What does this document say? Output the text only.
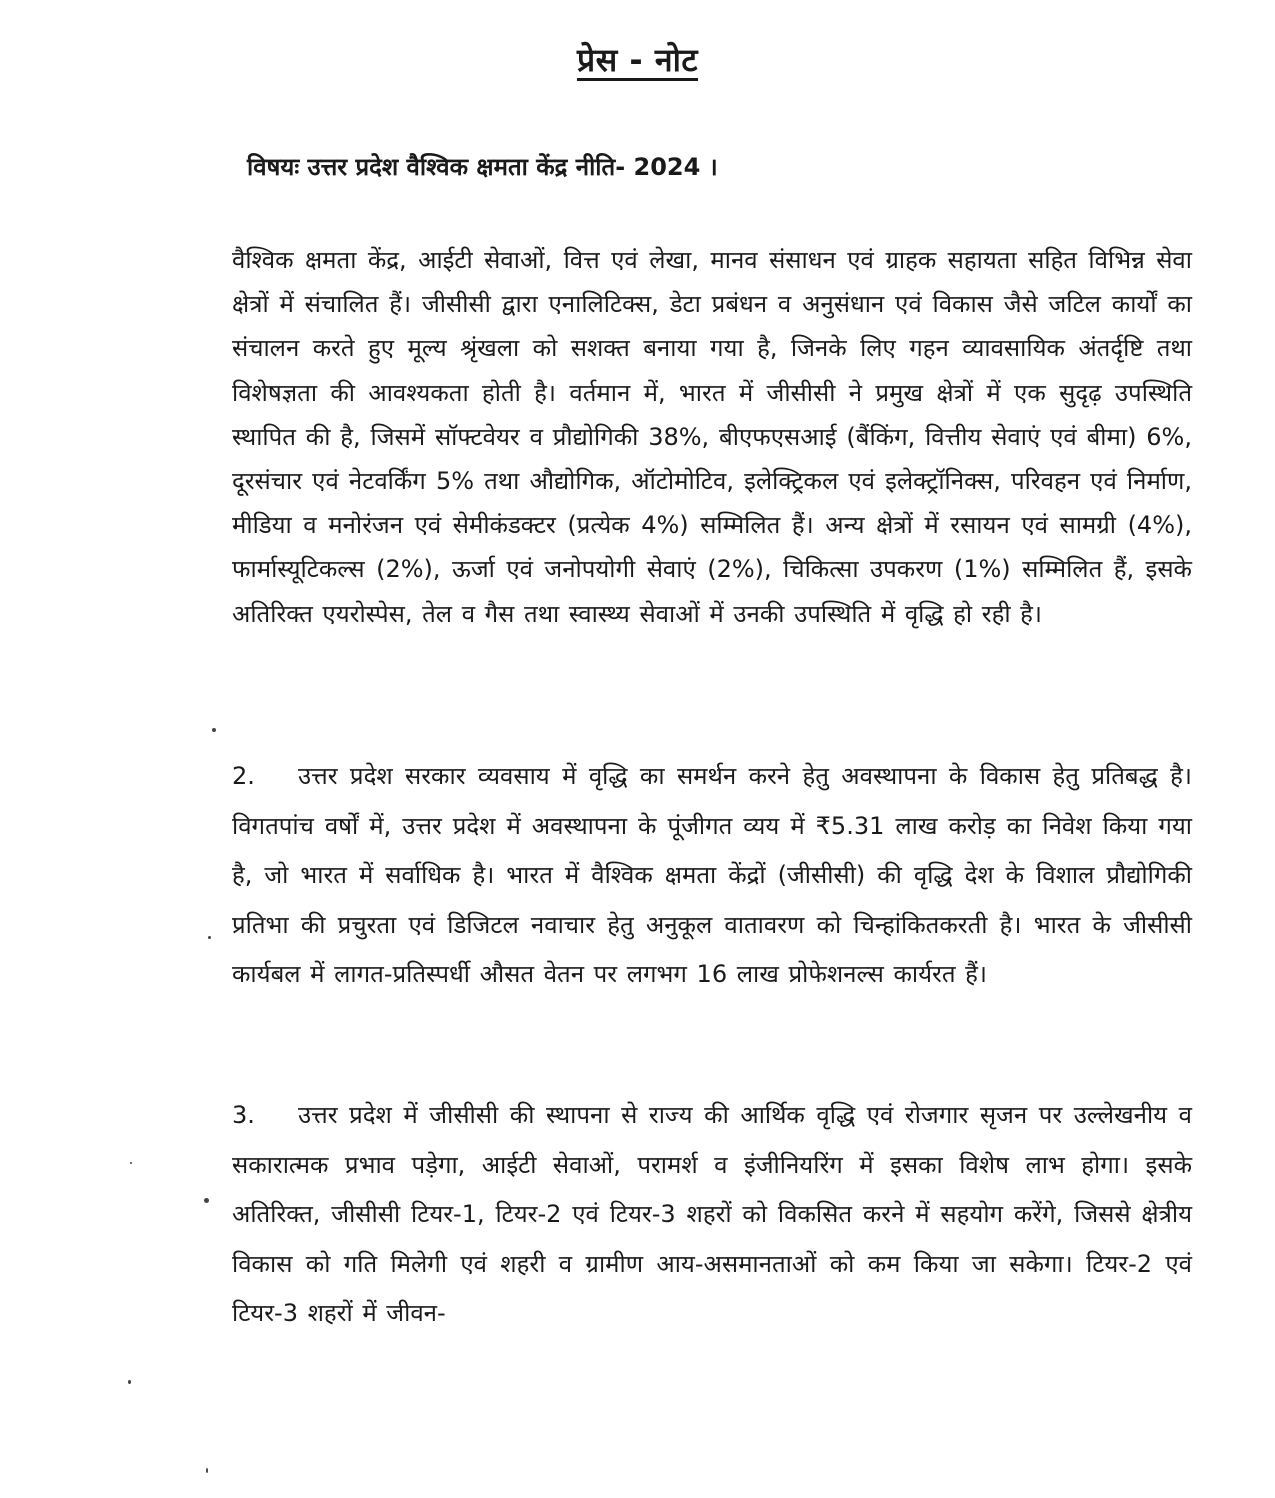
प्रेस - नोट
विषयः उत्तर प्रदेश वैश्विक क्षमता केंद्र नीति- 2024 ।

वैश्विक क्षमता केंद्र, आईटी सेवाओं, वित्त एवं लेखा, मानव संसाधन एवं ग्राहक सहायता सहित विभिन्न सेवा क्षेत्रों में संचालित हैं। जीसीसी द्वारा एनालिटिक्स, डेटा प्रबंधन व अनुसंधान एवं विकास जैसे जटिल कार्यों का संचालन करते हुए मूल्य श्रृंखला को सशक्त बनाया गया है, जिनके लिए गहन व्यावसायिक अंतर्दृष्टि तथा विशेषज्ञता की आवश्यकता होती है। वर्तमान में, भारत में जीसीसी ने प्रमुख क्षेत्रों में एक सुदृढ़ उपस्थिति स्थापित की है, जिसमें सॉफ्टवेयर व प्रौद्योगिकी 38%, बीएफएसआई (बैंकिंग, वित्तीय सेवाएं एवं बीमा) 6%, दूरसंचार एवं नेटवर्किंग 5% तथा औद्योगिक, ऑटोमोटिव, इलेक्ट्रिकल एवं इलेक्ट्रॉनिक्स, परिवहन एवं निर्माण, मीडिया व मनोरंजन एवं सेमीकंडक्टर (प्रत्येक 4%) सम्मिलित हैं। अन्य क्षेत्रों में रसायन एवं सामग्री (4%), फार्मास्यूटिकल्स (2%), ऊर्जा एवं जनोपयोगी सेवाएं (2%), चिकित्सा उपकरण (1%) सम्मिलित हैं, इसके अतिरिक्त एयरोस्पेस, तेल व गैस तथा स्वास्थ्य सेवाओं में उनकी उपस्थिति में वृद्धि हो रही है।

2. उत्तर प्रदेश सरकार व्यवसाय में वृद्धि का समर्थन करने हेतु अवस्थापना के विकास हेतु प्रतिबद्ध है। विगतपांच वर्षों में, उत्तर प्रदेश में अवस्थापना के पूंजीगत व्यय में ₹5.31 लाख करोड़ का निवेश किया गया है, जो भारत में सर्वाधिक है। भारत में वैश्विक क्षमता केंद्रों (जीसीसी) की वृद्धि देश के विशाल प्रौद्योगिकी प्रतिभा की प्रचुरता एवं डिजिटल नवाचार हेतु अनुकूल वातावरण को चिन्हांकितकरती है। भारत के जीसीसी कार्यबल में लागत-प्रतिस्पर्धी औसत वेतन पर लगभग 16 लाख प्रोफेशनल्स कार्यरत हैं।

3. उत्तर प्रदेश में जीसीसी की स्थापना से राज्य की आर्थिक वृद्धि एवं रोजगार सृजन पर उल्लेखनीय व सकारात्मक प्रभाव पड़ेगा, आईटी सेवाओं, परामर्श व इंजीनियरिंग में इसका विशेष लाभ होगा। इसके अतिरिक्त, जीसीसी टियर-1, टियर-2 एवं टियर-3 शहरों को विकसित करने में सहयोग करेंगे, जिससे क्षेत्रीय विकास को गति मिलेगी एवं शहरी व ग्रामीण आय-असमानताओं को कम किया जा सकेगा। टियर-2 एवं टियर-3 शहरों में जीवन-
